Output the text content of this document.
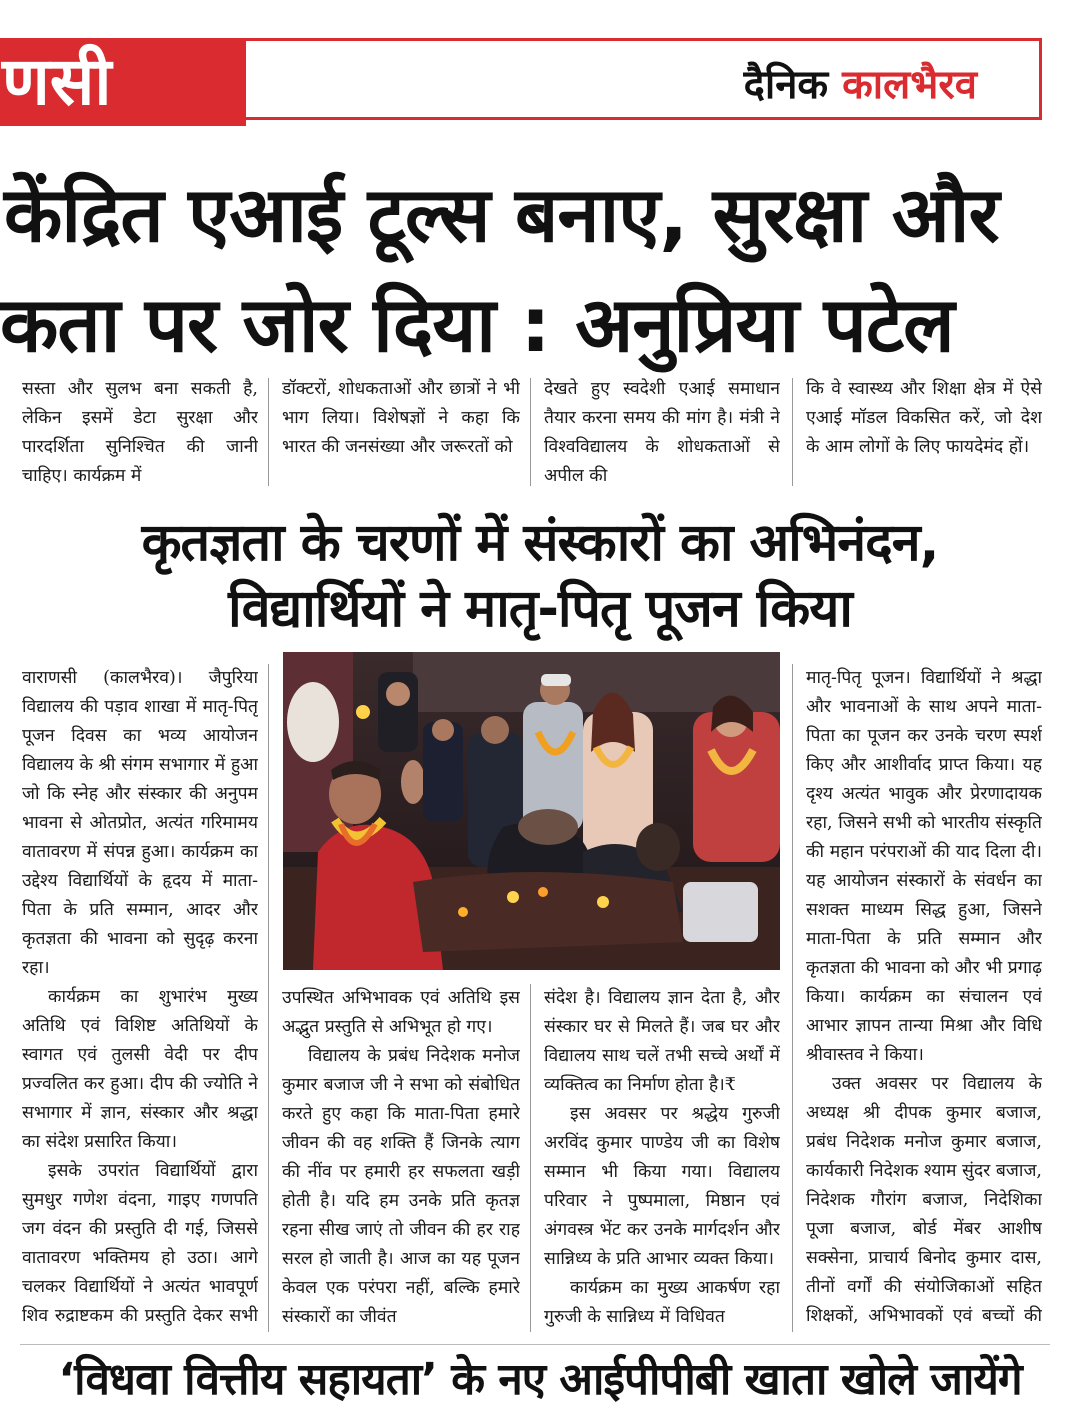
णसी	दैनिक कालभैरव
केंद्रित एआई टूल्स बनाए, सुरक्षा और
कता पर जोर दिया : अनुप्रिया पटेल
सस्ता और सुलभ बना सकती है, लेकिन इसमें डेटा सुरक्षा और पारदर्शिता सुनिश्चित की जानी चाहिए। कार्यक्रम में
डॉक्टरों, शोधकताओं और छात्रों ने भी भाग लिया। विशेषज्ञों ने कहा कि भारत की जनसंख्या और जरूरतों को
देखते हुए स्वदेशी एआई समाधान तैयार करना समय की मांग है। मंत्री ने विश्वविद्यालय के शोधकताओं से अपील की
कि वे स्वास्थ्य और शिक्षा क्षेत्र में ऐसे एआई मॉडल विकसित करें, जो देश के आम लोगों के लिए फायदेमंद हों।
कृतज्ञता के चरणों में संस्कारों का अभिनंदन,
विद्यार्थियों ने मातृ-पितृ पूजन किया

वाराणसी (कालभैरव)। जैपुरिया विद्यालय की पड़ाव शाखा में मातृ-पितृ पूजन दिवस का भव्य आयोजन विद्यालय के श्री संगम सभागार में हुआ जो कि स्नेह और संस्कार की अनुपम भावना से ओतप्रोत, अत्यंत गरिमामय वातावरण में संपन्न हुआ। कार्यक्रम का उद्देश्य विद्यार्थियों के हृदय में माता-पिता के प्रति सम्मान, आदर और कृतज्ञता की भावना को सुदृढ़ करना रहा।

कार्यक्रम का शुभारंभ मुख्य अतिथि एवं विशिष्ट अतिथियों के स्वागत एवं तुलसी वेदी पर दीप प्रज्वलित कर हुआ। दीप की ज्योति ने सभागार में ज्ञान, संस्कार और श्रद्धा का संदेश प्रसारित किया।

इसके उपरांत विद्यार्थियों द्वारा सुमधुर गणेश वंदना, गाइए गणपति जग वंदन की प्रस्तुति दी गई, जिससे वातावरण भक्तिमय हो उठा। आगे चलकर विद्यार्थियों ने अत्यंत भावपूर्ण शिव रुद्राष्टकम की प्रस्तुति देकर सभी

उपस्थित अभिभावक एवं अतिथि इस अद्भुत प्रस्तुति से अभिभूत हो गए।

विद्यालय के प्रबंध निदेशक मनोज कुमार बजाज जी ने सभा को संबोधित करते हुए कहा कि माता-पिता हमारे जीवन की वह शक्ति हैं जिनके त्याग की नींव पर हमारी हर सफलता खड़ी होती है। यदि हम उनके प्रति कृतज्ञ रहना सीख जाएं तो जीवन की हर राह सरल हो जाती है। आज का यह पूजन केवल एक परंपरा नहीं, बल्कि हमारे संस्कारों का जीवंत

संदेश है। विद्यालय ज्ञान देता है, और संस्कार घर से मिलते हैं। जब घर और विद्यालय साथ चलें तभी सच्चे अर्थों में व्यक्तित्व का निर्माण होता है।₹

इस अवसर पर श्रद्धेय गुरुजी अरविंद कुमार पाण्डेय जी का विशेष सम्मान भी किया गया। विद्यालय परिवार ने पुष्पमाला, मिष्ठान एवं अंगवस्त्र भेंट कर उनके मार्गदर्शन और सान्निध्य के प्रति आभार व्यक्त किया।

कार्यक्रम का मुख्य आकर्षण रहा गुरुजी के सान्निध्य में विधिवत

मातृ-पितृ पूजन। विद्यार्थियों ने श्रद्धा और भावनाओं के साथ अपने माता-पिता का पूजन कर उनके चरण स्पर्श किए और आशीर्वाद प्राप्त किया। यह दृश्य अत्यंत भावुक और प्रेरणादायक रहा, जिसने सभी को भारतीय संस्कृति की महान परंपराओं की याद दिला दी। यह आयोजन संस्कारों के संवर्धन का सशक्त माध्यम सिद्ध हुआ, जिसने माता-पिता के प्रति सम्मान और कृतज्ञता की भावना को और भी प्रगाढ़ किया। कार्यक्रम का संचालन एवं आभार ज्ञापन तान्या मिश्रा और विधि श्रीवास्तव ने किया।

उक्त अवसर पर विद्यालय के अध्यक्ष श्री दीपक कुमार बजाज, प्रबंध निदेशक मनोज कुमार बजाज, कार्यकारी निदेशक श्याम सुंदर बजाज, निदेशक गौरांग बजाज, निदेशिका पूजा बजाज, बोर्ड मेंबर आशीष सक्सेना, प्राचार्य बिनोद कुमार दास, तीनों वर्गों की संयोजिकाओं सहित शिक्षकों, अभिभावकों एवं बच्चों की

‘विधवा वित्तीय सहायता’ के नए आईपीपीबी खाता खोले जायेंगे
